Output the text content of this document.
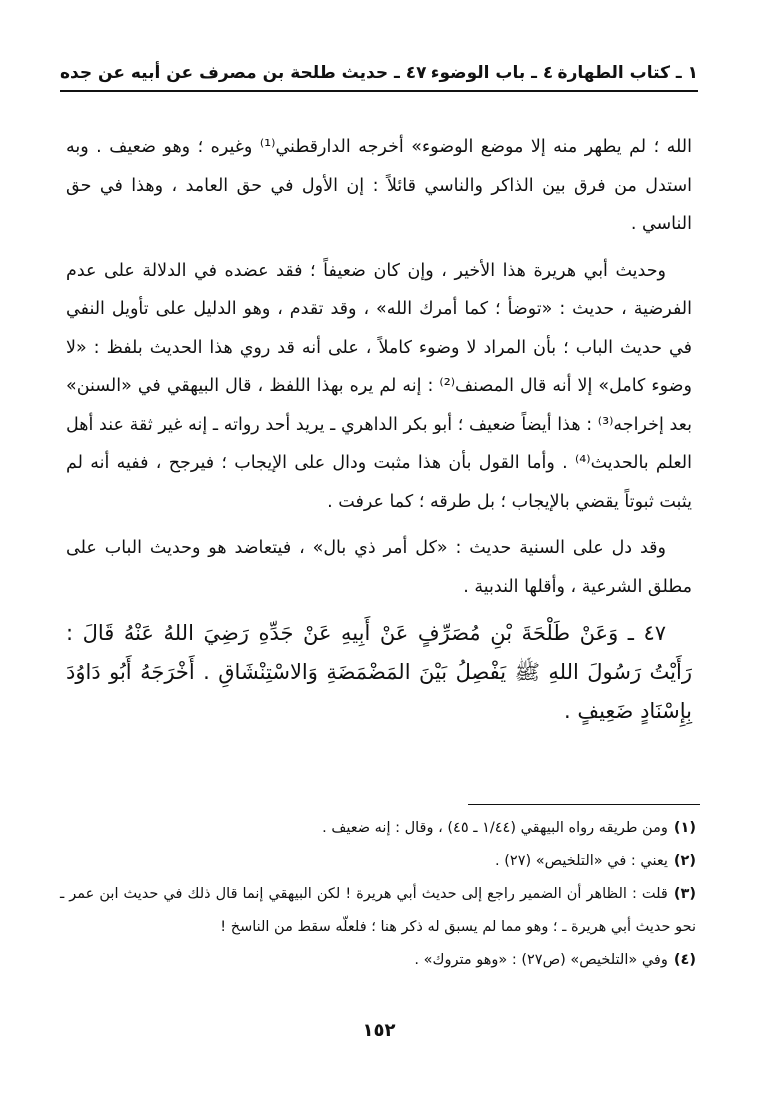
١ ـ كتاب الطهارة
٤ ـ باب الوضوء
٤٧ ـ حديث طلحة بن مصرف عن أبيه عن جده

الله ؛ لم يطهر منه إلا موضع الوضوء» أخرجه الدارقطني⁽¹⁾ وغيره ؛ وهو ضعيف . وبه استدل من فرق بين الذاكر والناسي قائلاً : إن الأول في حق العامد ، وهذا في حق الناسي .

وحديث أبي هريرة هذا الأخير ، وإن كان ضعيفاً ؛ فقد عضده في الدلالة على عدم الفرضية ، حديث : «توضأ ؛ كما أمرك الله» ، وقد تقدم ، وهو الدليل على تأويل النفي في حديث الباب ؛ بأن المراد لا وضوء كاملاً ، على أنه قد روي هذا الحديث بلفظ : «لا وضوء كامل» إلا أنه قال المصنف⁽²⁾ : إنه لم يره بهذا اللفظ ، قال البيهقي في «السنن» بعد إخراجه⁽³⁾ : هذا أيضاً ضعيف ؛ أبو بكر الداهري ـ يريد أحد رواته ـ إنه غير ثقة عند أهل العلم بالحديث⁽⁴⁾ . وأما القول بأن هذا مثبت ودال على الإيجاب ؛ فيرجح ، ففيه أنه لم يثبت ثبوتاً يقضي بالإيجاب ؛ بل طرقه ؛ كما عرفت .

وقد دل على السنية حديث : «كل أمر ذي بال» ، فيتعاضد هو وحديث الباب على مطلق الشرعية ، وأقلها الندبية .

٤٧ ـ وَعَنْ طَلْحَةَ بْنِ مُصَرِّفٍ عَنْ أَبِيهِ عَنْ جَدِّهِ رَضِيَ اللهُ عَنْهُ قَالَ : رَأَيْتُ رَسُولَ اللهِ ﷺ يَفْصِلُ بَيْنَ المَضْمَضَةِ وَالاسْتِنْشَاقِ . أَخْرَجَهُ أَبُو دَاوُدَ بِإِسْنَادٍ ضَعِيفٍ .

(١)ومن طريقه رواه البيهقي (١/٤٤ ـ ٤٥) ، وقال : إنه ضعيف .

(٢)يعني : في «التلخيص» (٢٧) .

(٣)قلت : الظاهر أن الضمير راجع إلى حديث أبي هريرة ! لكن البيهقي إنما قال ذلك في حديث ابن عمر ـ نحو حديث أبي هريرة ـ ؛ وهو مما لم يسبق له ذكر هنا ؛ فلعلّه سقط من الناسخ !

(٤)وفي «التلخيص» (ص٢٧) : «وهو متروك» .

١٥٢
